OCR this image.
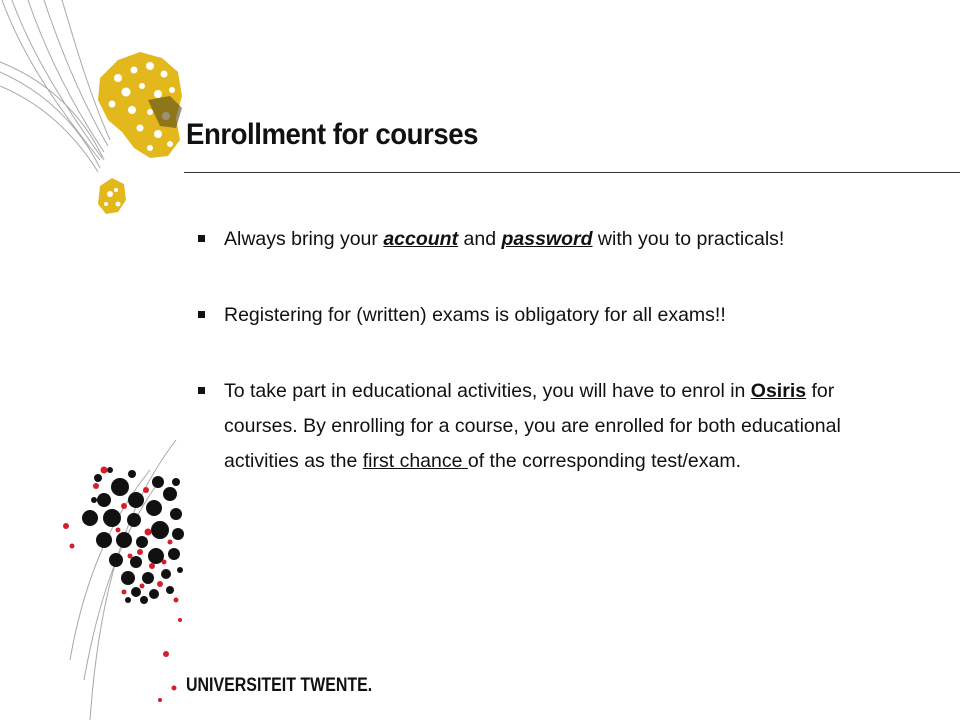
Enrollment for courses
Always bring your account and password with you to practicals!
Registering for (written) exams is obligatory for all exams!!
To take part in educational activities, you will have to enrol in Osiris for courses. By enrolling for a course, you are enrolled for both educational activities as the first chance of the corresponding test/exam.
UNIVERSITEIT TWENTE.
